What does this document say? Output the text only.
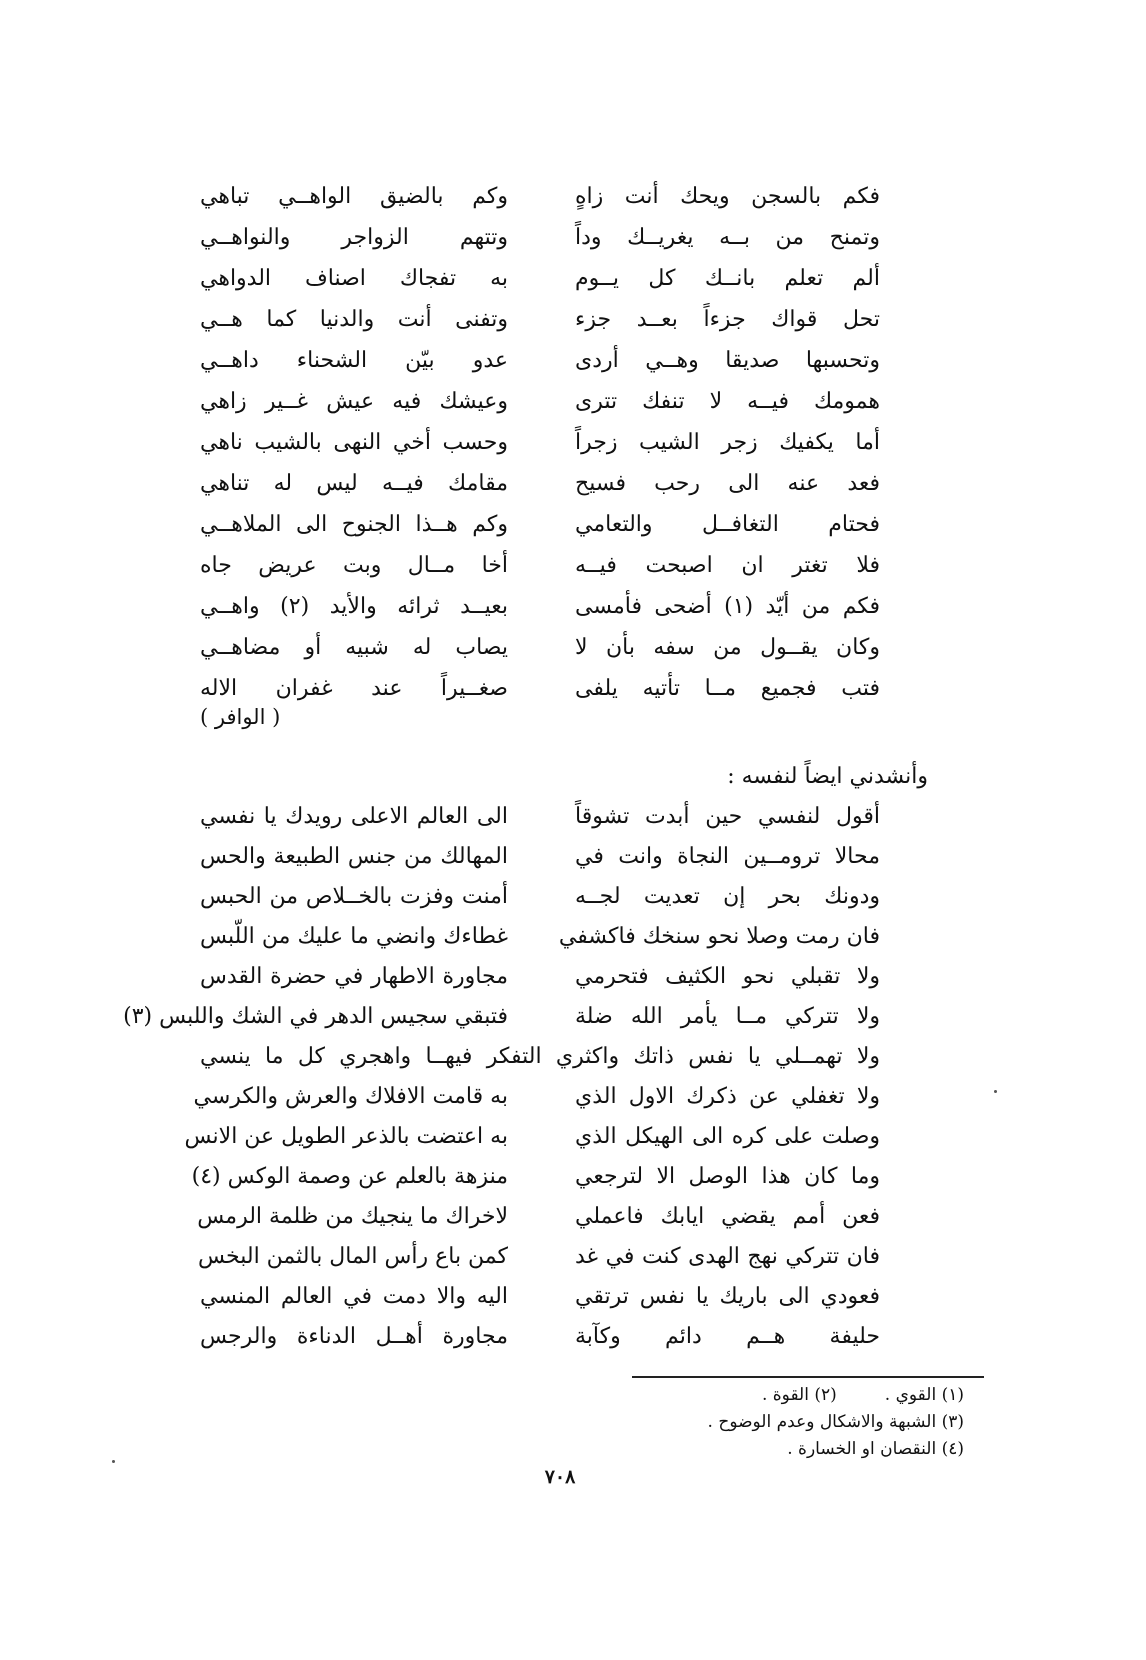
فكم بالسجن ويحك أنت زاهٍ
وكم بالضيق الواهــي تباهي
وتمنح من بــه يغريــك وداً
وتتهم الزواجر والنواهــي
ألم تعلم بانــك كل يــوم
به تفجاك اصناف الدواهي
تحل قواك جزءاً بعــد جزء
وتفنى أنت والدنيا كما هــي
وتحسبها صديقا وهــي أردى
عدو بيّن الشحناء داهــي
همومك فيــه لا تنفك تترى
وعيشك فيه عيش غــير زاهي
أما يكفيك زجر الشيب زجراً
وحسب أخي النهى بالشيب ناهي
فعد عنه الى رحب فسيح
مقامك فيــه ليس له تناهي
فحتام التغافــل والتعامي
وكم هــذا الجنوح الى الملاهــي
فلا تغتر ان اصبحت فيــه
أخا مــال وبت عريض جاه
فكم من أيّد (١) أضحى فأمسى
بعيــد ثرائه والأيد (٢) واهــي
وكان يقــول من سفه بأن لا
يصاب له شبيه أو مضاهــي
فتب فجميع مــا تأتيه يلفى
صغــيراً عند غفران الاله
( الوافر )
وأنشدني ايضاً لنفسه :
أقول لنفسي حين أبدت تشوقاً
الى العالم الاعلى رويدك يا نفسي
محالا ترومــين النجاة وانت في
المهالك من جنس الطبيعة والحس
ودونك بحر إن تعديت لجــه
أمنت وفزت بالخــلاص من الحبس
فان رمت وصلا نحو سنخك فاكشفي
غطاءك وانضي ما عليك من اللّبس
ولا تقبلي نحو الكثيف فتحرمي
مجاورة الاطهار في حضرة القدس
ولا تتركي مــا يأمر الله ضلة
فتبقي سجيس الدهر في الشك واللبس (٣)
ولا تهمــلي يا نفس ذاتك واكثري التفكر فيهــا واهجري كل ما ينسي
ولا تغفلي عن ذكرك الاول الذي
به قامت الافلاك والعرش والكرسي
وصلت على كره الى الهيكل الذي
به اعتضت بالذعر الطويل عن الانس
وما كان هذا الوصل الا لترجعي
منزهة بالعلم عن وصمة الوكس (٤)
فعن أمم يقضي ايابك فاعملي
لاخراك ما ينجيك من ظلمة الرمس
فان تتركي نهج الهدى كنت في غد
كمن باع رأس المال بالثمن البخس
فعودي الى باريك يا نفس ترتقي
اليه والا دمت في العالم المنسي
حليفة هــم دائم وكآبة
مجاورة أهــل الدناءة والرجس
(١) القوي .(٢) القوة .
(٣) الشبهة والاشكال وعدم الوضوح .
(٤) النقصان او الخسارة .
٧٠٨
